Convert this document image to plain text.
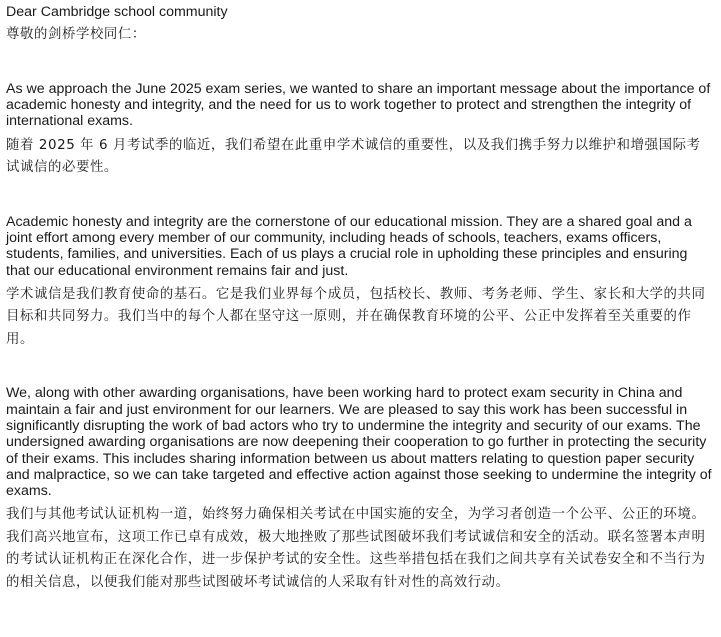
Dear Cambridge school community

尊敬的剑桥学校同仁：

As we approach the June 2025 exam series, we wanted to share an important message about the importance of academic honesty and integrity, and the need for us to work together to protect and strengthen the integrity of international exams.

随着 2025 年 6 月考试季的临近，我们希望在此重申学术诚信的重要性，以及我们携手努力以维护和增强国际考试诚信的必要性。

Academic honesty and integrity are the cornerstone of our educational mission. They are a shared goal and a joint effort among every member of our community, including heads of schools, teachers, exams officers, students, families, and universities. Each of us plays a crucial role in upholding these principles and ensuring that our educational environment remains fair and just.

学术诚信是我们教育使命的基石。它是我们业界每个成员，包括校长、教师、考务老师、学生、家长和大学的共同目标和共同努力。我们当中的每个人都在坚守这一原则，并在确保教育环境的公平、公正中发挥着至关重要的作用。

We, along with other awarding organisations, have been working hard to protect exam security in China and maintain a fair and just environment for our learners. We are pleased to say this work has been successful in significantly disrupting the work of bad actors who try to undermine the integrity and security of our exams. The undersigned awarding organisations are now deepening their cooperation to go further in protecting the security of their exams. This includes sharing information between us about matters relating to question paper security and malpractice, so we can take targeted and effective action against those seeking to undermine the integrity of exams.

我们与其他考试认证机构一道，始终努力确保相关考试在中国实施的安全，为学习者创造一个公平、公正的环境。我们高兴地宣布，这项工作已卓有成效，极大地挫败了那些试图破坏我们考试诚信和安全的活动。联名签署本声明的考试认证机构正在深化合作，进一步保护考试的安全性。这些举措包括在我们之间共享有关试卷安全和不当行为的相关信息，以便我们能对那些试图破坏考试诚信的人采取有针对性的高效行动。
